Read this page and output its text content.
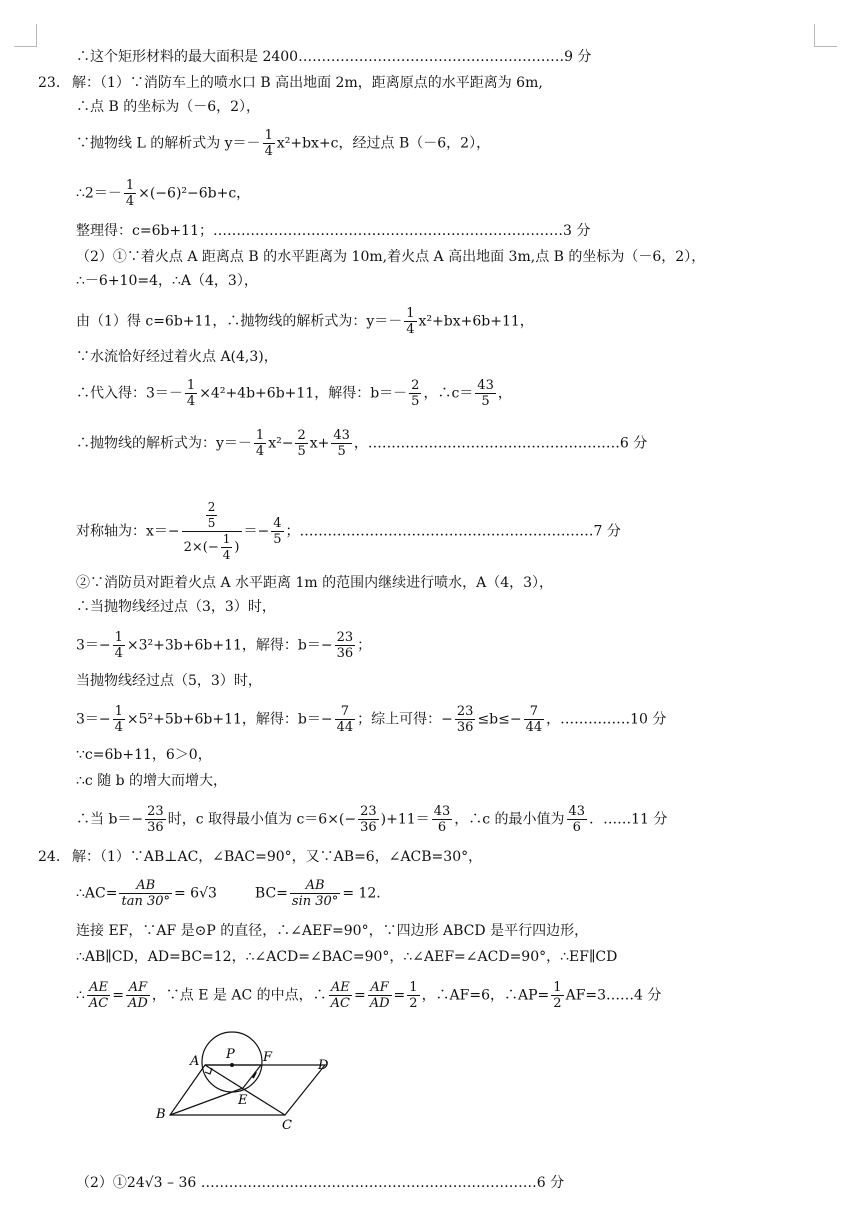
∴这个矩形材料的最大面积是 2400…………………………………………………9 分
23. 解：（1）∵消防车上的喷水口 B 高出地面 2m，距离原点的水平距离为 6m,
∴点 B 的坐标为（－6，2），
∵抛物线 L 的解析式为 $y=- \frac{1}{4} x^2+bx+c$，经过点 B（－6，2），
∴2＝－ $\frac{1}{4} \times(-6)^2-6b+c$，
整理得：c=6b+11；…………………………………………………………………3 分
（2）①∵着火点 A 距离点 B 的水平距离为 10m,着火点 A 高出地面 3m,点 B 的坐标为（－6，2），
∴－6+10=4，∴A（4，3），
由（1）得 c=6b+11，∴抛物线的解析式为：$y=- \frac{1}{4} x^2+bx+6b+11$，
∵水流恰好经过着火点 A(4,3)，
∴代入得：$3=- \frac{1}{4} \times 4^2+4b+6b+11$，解得：$b=- \frac{2}{5}$ ，∴c＝ $\frac{43}{5}$ ，
∴抛物线的解析式为：$y=- \frac{1}{4} x^2- \frac{2}{5} x+ \frac{43}{5}$ ，………………………………………………6 分
对称轴为：$x=- \frac{\frac{2}{5}}{2\times(- \frac{1}{4} )} =- \frac{4}{5}$ ；………………………………………………………7 分
②∵消防员对距着火点 A 水平距离 1m 的范围内继续进行喷水，A（4，3），
∴当抛物线经过点（3，3）时，
$3=- \frac{1}{4} \times 3^2+3b+6b+11$，解得：$b=- \frac{23}{36}$ ；
当抛物线经过点（5，3）时，
$3=- \frac{1}{4} \times 5^2+5b+6b+11$，解得：$b=- \frac{7}{44}$ ；综上可得：− $\frac{23}{36} \le b\le- \frac{7}{44}$ ，……………10 分
∵c=6b+11，6＞0，
∴c 随 b 的增大而增大，
∴当 $b=- \frac{23}{36}$ 时，c 取得最小值为 $c=6\times(- \frac{23}{36} )+11= \frac{43}{6}$ ，∴c 的最小值为 $\frac{43}{6}$ ．……11 分
24. 解：（1）∵AB⊥AC，∠BAC=90°，又∵AB=6，∠ACB=30°，
∴AC= $\frac{AB}{\tan 30^\circ} = 6√3$	$BC= \frac{AB}{\sin 30^\circ} = 12$.
连接 EF，∵AF 是⊙P 的直径，∴∠AEF=90°，∵四边形 ABCD 是平行四边形，
∴AB∥CD，AD=BC=12，∴∠ACD=∠BAC=90°，∴∠AEF=∠ACD=90°，∴EF∥CD
∴ $\frac{AE}{AC} = \frac{AF}{AD}$ ，∵点 E 是 AC 的中点，∴ $\frac{AE}{AC} = \frac{AF}{AD} = \frac{1}{2}$ ，∴AF=6，∴AP= $\frac{1}{2}$ AF=3……4 分
A P F
D
B
E
C
（2）①24√3 – 36 ………………………………………………………………6 分
